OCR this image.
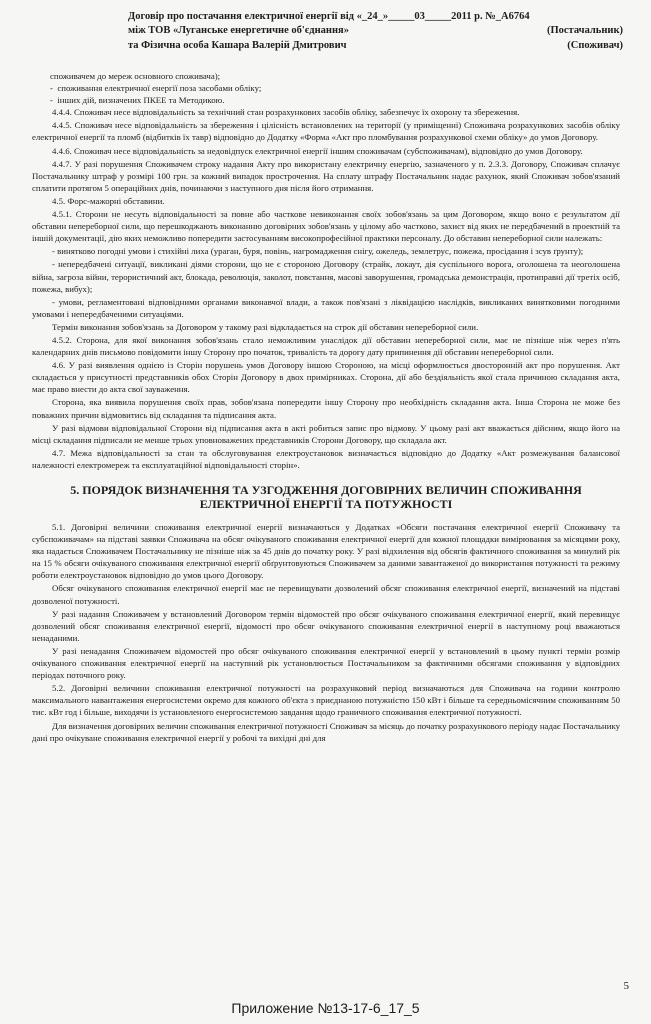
Договір про постачання електричної енергії від «_24_»_____03_____2011 р. №_А6764
між ТОВ «Луганське енергетичне об'єднання»
та Фізична особа Кашара Валерій Дмитрович
(Постачальник)
(Споживач)
споживачем до мереж основного споживача);
-  споживання електричної енергії поза засобами обліку;
-  інших дій, визначених ПКЕЕ та Методикою.

4.4.4. Споживач несе відповідальність за технічний стан розрахункових засобів обліку, забезпечує їх охорону та збереження.

4.4.5. Споживач несе відповідальність за збереження і цілісність встановлених на території (у приміщенні) Споживача розрахункових засобів обліку електричної енергії та пломб (відбитків їх тавр) відповідно до Додатку «Форма «Акт про пломбування розрахункової схеми обліку» до умов Договору.

4.4.6. Споживач несе відповідальність за недовідпуск електричної енергії іншим споживачам (субспоживачам), відповідно до умов Договору.

4.4.7. У разі порушення Споживачем строку надання Акту про використану електричну енергію, зазначеного у п. 2.3.3. Договору, Споживач сплачує Постачальнику штраф у розмірі 100 грн. за кожний випадок прострочення. На сплату штрафу Постачальник надає рахунок, який Споживач зобов'язаний сплатити протягом 5 операційних днів, починаючи з наступного дня після його отримання.

4.5. Форс-мажорні обставини.

4.5.1. Сторони не несуть відповідальності за повне або часткове невиконання своїх зобов'язань за цим Договором, якщо воно є результатом дії обставин непереборної сили, що перешкоджають виконанню договірних зобов'язань у цілому або частково, захист від яких не передбачений в проектній та іншій документації, дію яких неможливо попередити застосуванням високопрофесійної практики персоналу. До обставин непереборної сили належать:

- винятково погодні умови і стихійні лиха (ураган, буря, повінь, нагромадження снігу, ожеледь, землетрус, пожежа, просідання і зсув ґрунту);

- непередбачені ситуації, викликані діями сторони, що не є стороною Договору (страйк, локаут, дія суспільного ворога, оголошена та неоголошена війна, загроза війни, терористичний акт, блокада, революція, заколот, повстання, масові заворушення, громадська демонстрація, протиправні дії третіх осіб, пожежа, вибух);

- умови, регламентовані відповідними органами виконавчої влади, а також пов'язані з ліквідацією наслідків, викликаних винятковими погодними умовами і непередбаченими ситуаціями.

Термін виконання зобов'язань за Договором у такому разі відкладається на строк дії обставин непереборної сили.

4.5.2. Сторона, для якої виконання зобов'язань стало неможливим унаслідок дії обставин непереборної сили, має не пізніше ніж через п'ять календарних днів письмово повідомити іншу Сторону про початок, тривалість та дорогу дату припинення дії обставин непереборної сили.

4.6. У разі виявлення однією із Сторін порушень умов Договору іншою Стороною, на місці оформлюється двосторонній акт про порушення. Акт складається у присутності представників обох Сторін Договору в двох примірниках. Сторона, дії або бездіяльність якої стала причиною складання акта, має право внести до акта свої зауваження.

Сторона, яка виявила порушення своїх прав, зобов'язана попередити іншу Сторону про необхідність складання акта. Інша Сторона не може без поважних причин відмовитись від складання та підписання акта.

У разі відмови відповідальної Сторони від підписання акта в акті робиться запис про відмову. У цьому разі акт вважається дійсним, якщо його на місці складання підписали не менше трьох уповноважених представників Сторони Договору, що складала акт.

4.7. Межа відповідальності за стан та обслуговування електроустановок визначається відповідно до Додатку «Акт розмежування балансової належності електромереж та експлуатаційної відповідальності сторін».

5. ПОРЯДОК ВИЗНАЧЕННЯ ТА УЗГОДЖЕННЯ ДОГОВІРНИХ ВЕЛИЧИН СПОЖИВАННЯ ЕЛЕКТРИЧНОЇ ЕНЕРГІЇ ТА ПОТУЖНОСТІ

5.1. Договірні величини споживання електричної енергії визначаються у Додатках «Обсяги постачання електричної енергії Споживачу та субспоживачам» на підставі заявки Споживача на обсяг очікуваного споживання електричної енергії для кожної площадки вимірювання за місяцями року, яка надається Споживачем Постачальнику не пізніше ніж за 45 днів до початку року. У разі відхилення від обсягів фактичного споживання за минулий рік на 15 % обсяги очікуваного споживання електричної енергії обґрунтовуються Споживачем за даними завантаженої до використання потужності та режиму роботи електроустановок відповідно до умов цього Договору.

Обсяг очікуваного споживання електричної енергії має не перевищувати дозволений обсяг споживання електричної енергії, визначений на підставі дозволеної потужності.

У разі надання Споживачем у встановлений Договором термін відомостей про обсяг очікуваного споживання електричної енергії, який перевищує дозволений обсяг споживання електричної енергії, відомості про обсяг очікуваного споживання електричної енергії в наступному році вважаються ненаданими.

У разі ненадання Споживачем відомостей про обсяг очікуваного споживання електричної енергії у встановлений в цьому пункті термін розмір очікуваного споживання електричної енергії на наступний рік установлюється Постачальником за фактичними обсягами споживання у відповідних періодах поточного року.

5.2. Договірні величини споживання електричної потужності на розрахунковий період визначаються для Споживача на години контролю максимального навантаження енергосистеми окремо для кожного об'єкта з приєднаною потужністю 150 кВт і більше та середньомісячним споживанням 50 тис. кВт год і більше, виходячи із установленого енергосистемою завдання щодо граничного споживання електричної потужності.

Для визначення договірних величин споживання електричної потужності Споживач за місяць до початку розрахункового періоду надає Постачальнику дані про очікуване споживання електричної енергії у робочі та вихідні дні для

5
Приложение №13-17-6_17_5
